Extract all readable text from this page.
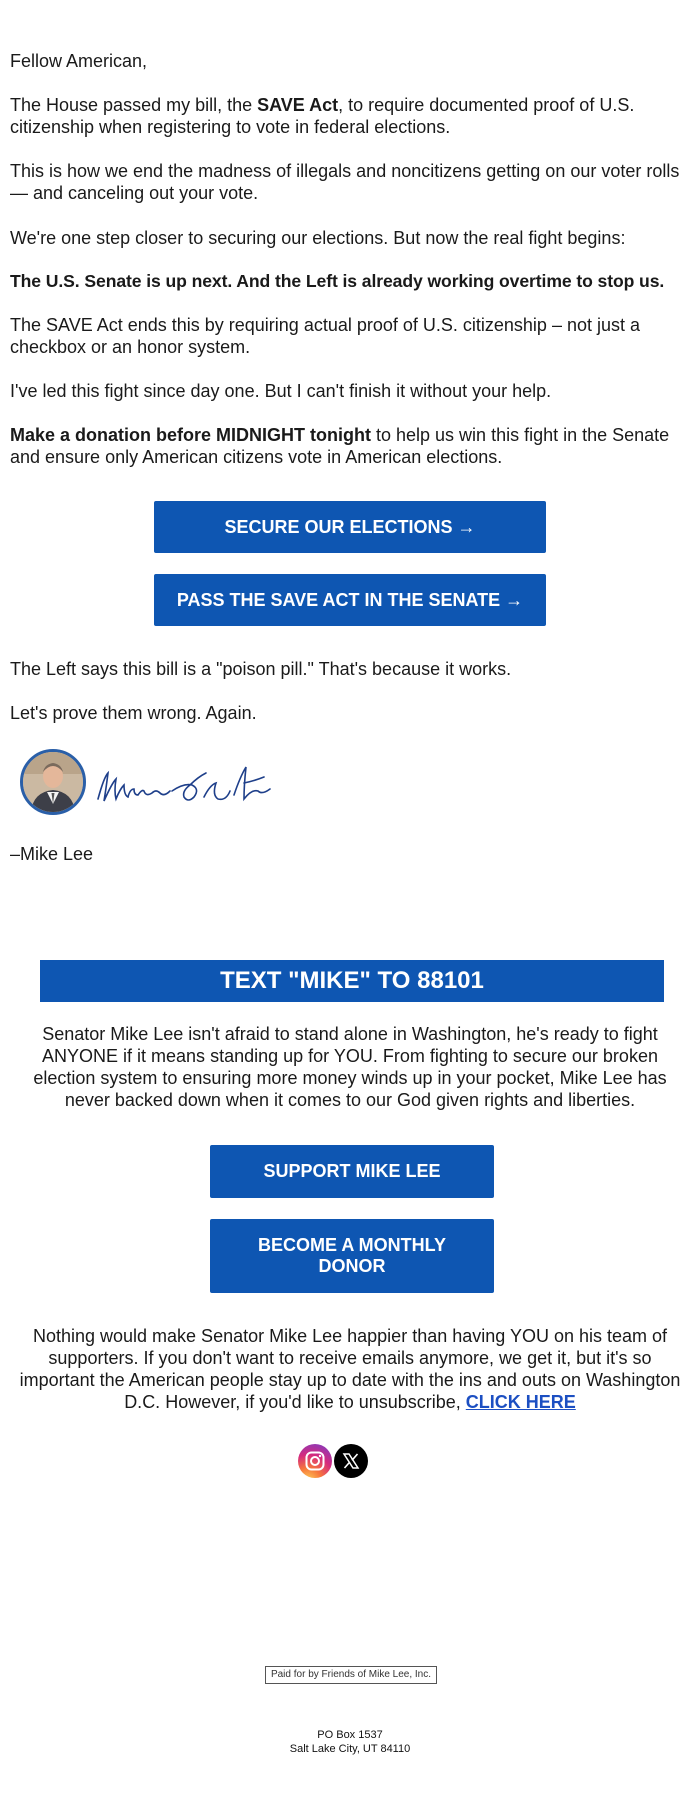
Fellow American,

The House passed my bill, the SAVE Act, to require documented proof of U.S. citizenship when registering to vote in federal elections.

This is how we end the madness of illegals and noncitizens getting on our voter rolls — and canceling out your vote.

We're one step closer to securing our elections. But now the real fight begins:

The U.S. Senate is up next. And the Left is already working overtime to stop us.

The SAVE Act ends this by requiring actual proof of U.S. citizenship – not just a checkbox or an honor system.

I've led this fight since day one. But I can't finish it without your help.

Make a donation before MIDNIGHT tonight to help us win this fight in the Senate and ensure only American citizens vote in American elections.

SECURE OUR ELECTIONS →
PASS THE SAVE ACT IN THE SENATE →

The Left says this bill is a "poison pill." That's because it works.

Let's prove them wrong. Again.

–Mike Lee

TEXT "MIKE" TO 88101
Senator Mike Lee isn't afraid to stand alone in Washington, he's ready to fight ANYONE if it means standing up for YOU. From fighting to secure our broken election system to ensuring more money winds up in your pocket, Mike Lee has never backed down when it comes to our God given rights and liberties.
SUPPORT MIKE LEE
BECOME A MONTHLY
DONOR
Nothing would make Senator Mike Lee happier than having YOU on his team of supporters. If you don't want to receive emails anymore, we get it, but it's so important the American people stay up to date with the ins and outs on Washington D.C. However, if you'd like to unsubscribe, CLICK HERE
Paid for by Friends of Mike Lee, Inc.
PO Box 1537
Salt Lake City, UT 84110
